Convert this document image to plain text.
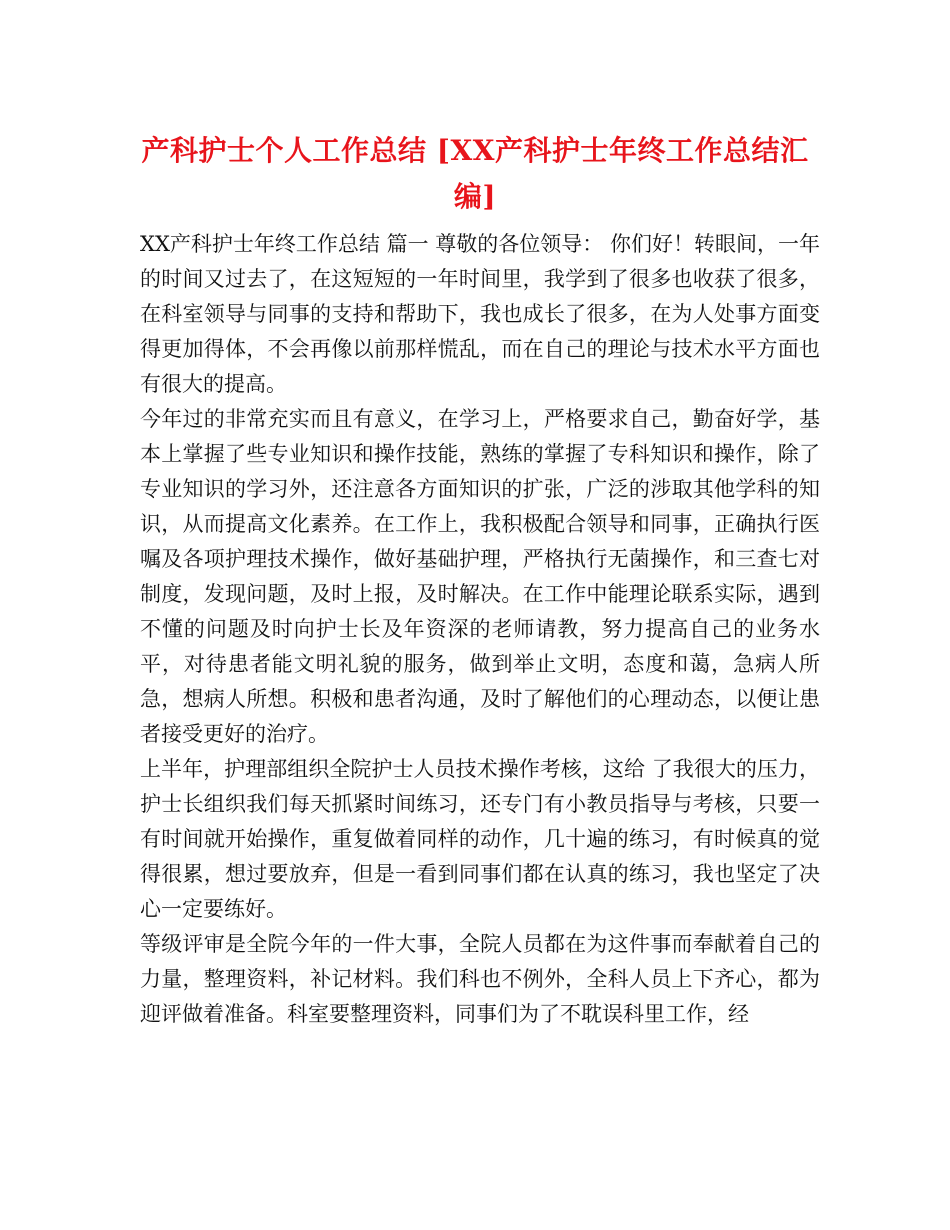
产科护士个人工作总结 [XX产科护士年终工作总结汇编]

XX产科护士年终工作总结 篇一 尊敬的各位领导： 你们好！转眼间，一年的时间又过去了，在这短短的一年时间里，我学到了很多也收获了很多，在科室领导与同事的支持和帮助下，我也成长了很多，在为人处事方面变得更加得体，不会再像以前那样慌乱，而在自己的理论与技术水平方面也有很大的提高。

今年过的非常充实而且有意义，在学习上，严格要求自己，勤奋好学，基本上掌握了些专业知识和操作技能，熟练的掌握了专科知识和操作，除了专业知识的学习外，还注意各方面知识的扩张，广泛的涉取其他学科的知识，从而提高文化素养。在工作上，我积极配合领导和同事，正确执行医嘱及各项护理技术操作，做好基础护理，严格执行无菌操作，和三查七对制度，发现问题，及时上报，及时解决。在工作中能理论联系实际，遇到不懂的问题及时向护士长及年资深的老师请教，努力提高自己的业务水平，对待患者能文明礼貌的服务，做到举止文明，态度和蔼，急病人所急，想病人所想。积极和患者沟通，及时了解他们的心理动态，以便让患者接受更好的治疗。

上半年，护理部组织全院护士人员技术操作考核，这给 了我很大的压力，护士长组织我们每天抓紧时间练习，还专门有小教员指导与考核，只要一有时间就开始操作，重复做着同样的动作，几十遍的练习，有时候真的觉得很累，想过要放弃，但是一看到同事们都在认真的练习，我也坚定了决心一定要练好。

等级评审是全院今年的一件大事，全院人员都在为这件事而奉献着自己的力量，整理资料，补记材料。我们科也不例外，全科人员上下齐心，都为迎评做着准备。科室要整理资料，同事们为了不耽误科里工作，经
